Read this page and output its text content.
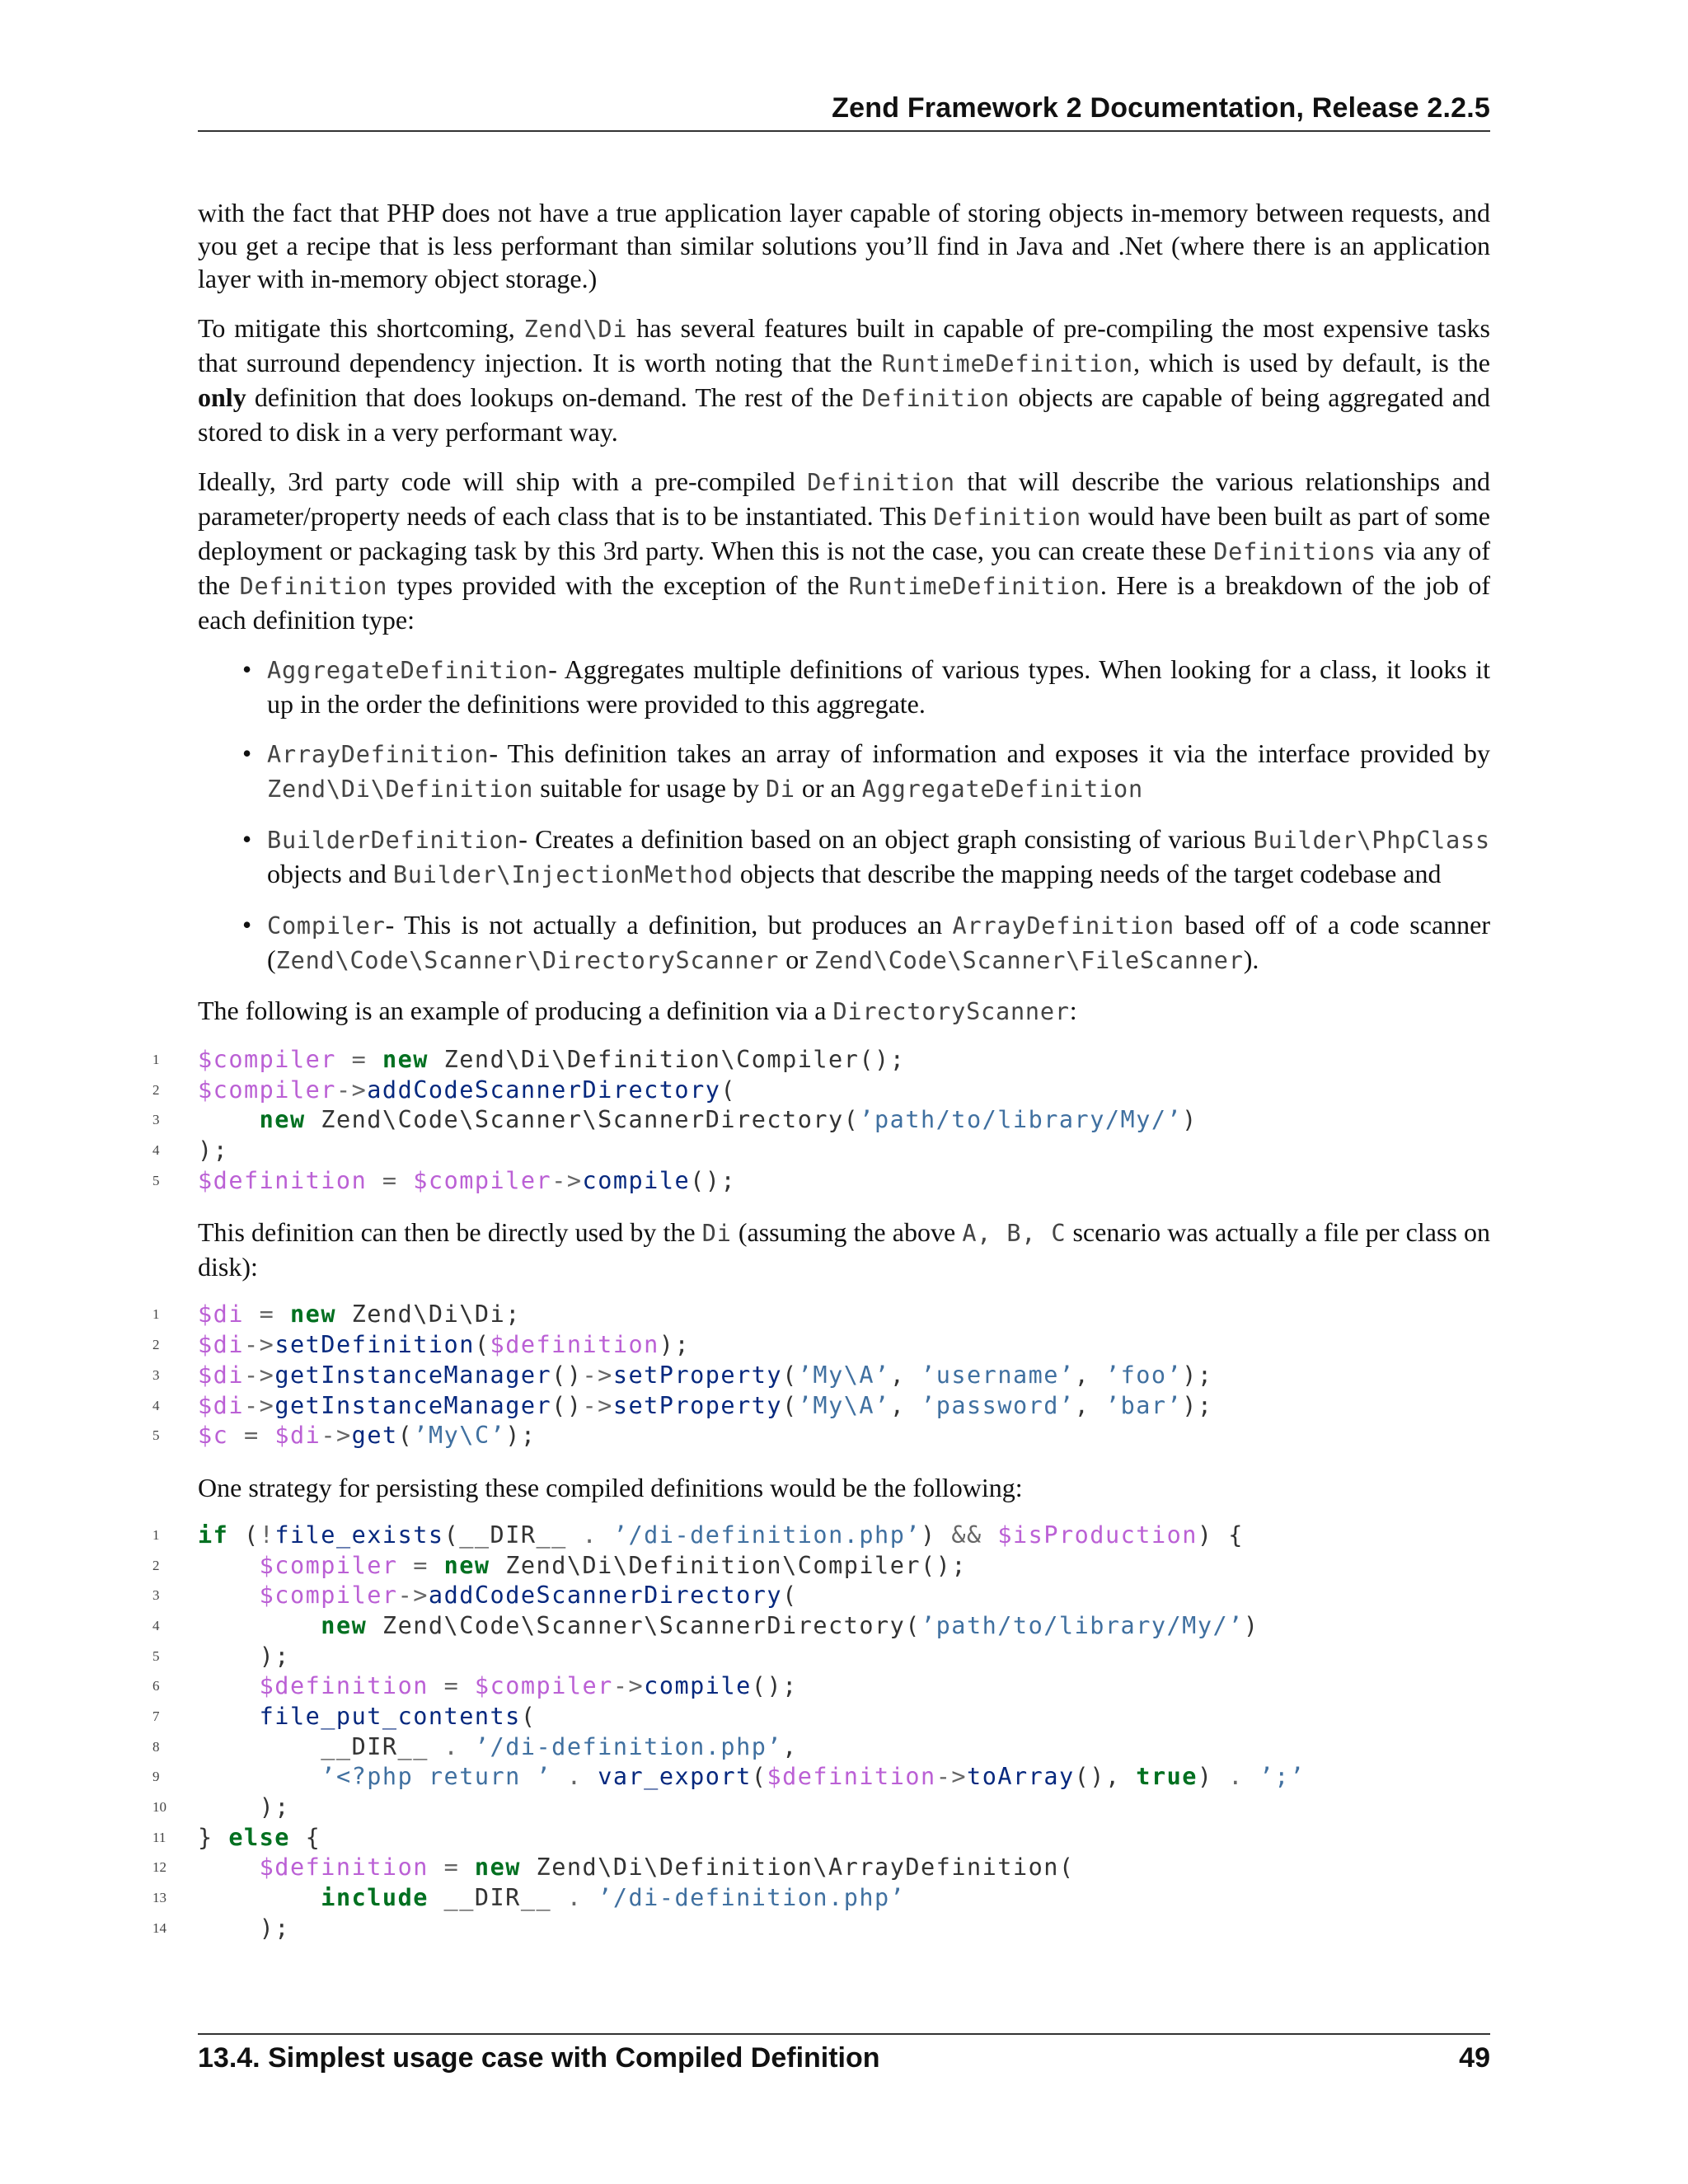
Zend Framework 2 Documentation, Release 2.2.5

with the fact that PHP does not have a true application layer capable of storing objects in-memory between requests, and you get a recipe that is less performant than similar solutions you’ll find in Java and .Net (where there is an application layer with in-memory object storage.)

To mitigate this shortcoming, Zend\Di has several features built in capable of pre-compiling the most expensive tasks that surround dependency injection. It is worth noting that the RuntimeDefinition, which is used by default, is the only definition that does lookups on-demand. The rest of the Definition objects are capable of being aggregated and stored to disk in a very performant way.

Ideally, 3rd party code will ship with a pre-compiled Definition that will describe the various relationships and parameter/property needs of each class that is to be instantiated. This Definition would have been built as part of some deployment or packaging task by this 3rd party. When this is not the case, you can create these Definitions via any of the Definition types provided with the exception of the RuntimeDefinition. Here is a breakdown of the job of each definition type:

• AggregateDefinition- Aggregates multiple definitions of various types. When looking for a class, it looks it up in the order the definitions were provided to this aggregate.
• ArrayDefinition- This definition takes an array of information and exposes it via the interface provided by Zend\Di\Definition suitable for usage by Di or an AggregateDefinition
• BuilderDefinition- Creates a definition based on an object graph consisting of various Builder\PhpClass objects and Builder\InjectionMethod objects that describe the mapping needs of the target codebase and
• Compiler- This is not actually a definition, but produces an ArrayDefinition based off of a code scanner (Zend\Code\Scanner\DirectoryScanner or Zend\Code\Scanner\FileScanner).

The following is an example of producing a definition via a DirectoryScanner:

1	$compiler = new Zend\Di\Definition\Compiler();
2	$compiler->addCodeScannerDirectory(
3	new Zend\Code\Scanner\ScannerDirectory(’path/to/library/My/’)
4	);
5	$definition = $compiler->compile();

This definition can then be directly used by the Di (assuming the above A, B, C scenario was actually a file per class on disk):

1	$di = new Zend\Di\Di;
2	$di->setDefinition($definition);
3	$di->getInstanceManager()->setProperty(’My\A’, ’username’, ’foo’);
4	$di->getInstanceManager()->setProperty(’My\A’, ’password’, ’bar’);
5	$c = $di->get(’My\C’);

One strategy for persisting these compiled definitions would be the following:

1	if (!file_exists(__DIR__ . ’/di-definition.php’) && $isProduction) {
2	$compiler = new Zend\Di\Definition\Compiler();
3	$compiler->addCodeScannerDirectory(
4	new Zend\Code\Scanner\ScannerDirectory(’path/to/library/My/’)
5	);
6	$definition = $compiler->compile();
7	file_put_contents(
8	__DIR__ . ’/di-definition.php’,
9	’<?php return ’ . var_export($definition->toArray(), true) . ’;’
10 );
11 } else {
12	$definition = new Zend\Di\Definition\ArrayDefinition(
13	include __DIR__ . ’/di-definition.php’
14 );
13.4. Simplest usage case with Compiled Definition	49
